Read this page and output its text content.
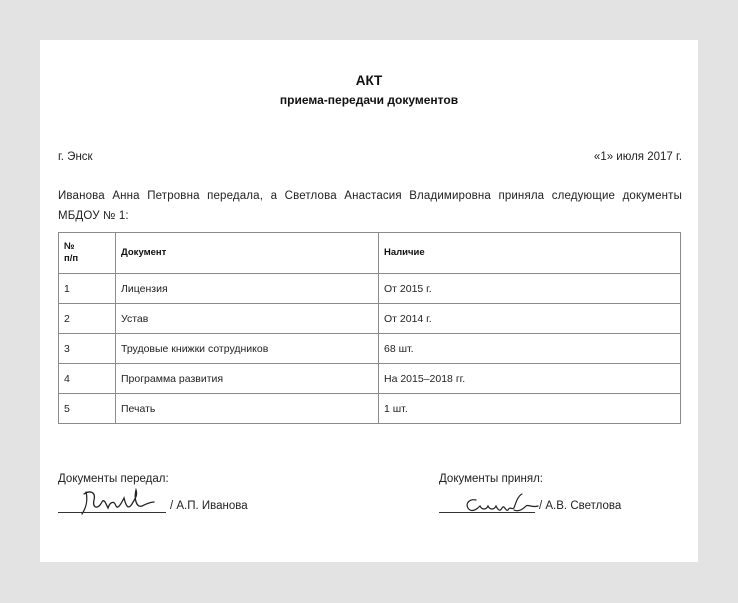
АКТ
приема-передачи документов
г. Энск	«1» июля 2017 г.
Иванова Анна Петровна передала, а Светлова Анастасия Владимировна приняла следующие документы МБДОУ № 1:
№
п/п	Документ	Наличие
1	Лицензия	От 2015 г.
2	Устав	От 2014 г.
3	Трудовые книжки сотрудников	68 шт.
4	Программа развития	На 2015–2018 гг.
5	Печать	1 шт.
Документы передал:
/ А.П. Иванова
Документы принял:
/ А.В. Светлова
